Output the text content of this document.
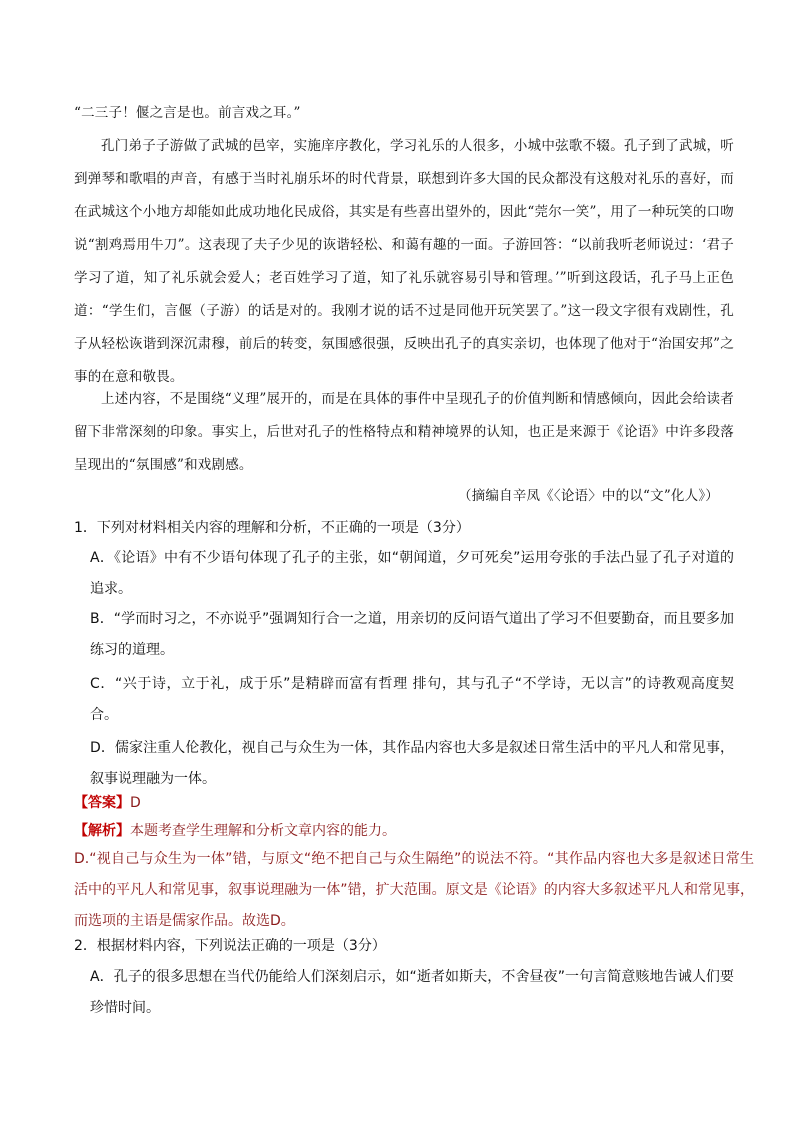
“二三子！偃之言是也。前言戏之耳。”
孔门弟子子游做了武城的邑宰，实施庠序教化，学习礼乐的人很多，小城中弦歌不辍。孔子到了武城，听到弹琴和歌唱的声音，有感于当时礼崩乐坏的时代背景，联想到许多大国的民众都没有这般对礼乐的喜好，而在武城这个小地方却能如此成功地化民成俗，其实是有些喜出望外的，因此“莞尔一笑”，用了一种玩笑的口吻说“割鸡焉用牛刀”。这表现了夫子少见的诙谐轻松、和蔼有趣的一面。子游回答：“以前我听老师说过：‘君子学习了道，知了礼乐就会爱人；老百姓学习了道，知了礼乐就容易引导和管理。’”听到这段话，孔子马上正色道：“学生们，言偃（子游）的话是对的。我刚才说的话不过是同他开玩笑罢了。”这一段文字很有戏剧性，孔子从轻松诙谐到深沉肃穆，前后的转变，氛围感很强，反映出孔子的真实亲切，也体现了他对于“治国安邦”之事的在意和敬畏。
上述内容，不是围绕“义理”展开的，而是在具体的事件中呈现孔子的价值判断和情感倾向，因此会给读者留下非常深刻的印象。事实上，后世对孔子的性格特点和精神境界的认知，也正是来源于《论语》中许多段落呈现出的“氛围感”和戏剧感。
（摘编自辛凤《〈论语〉中的以“文”化人》）
1．下列对材料相关内容的理解和分析，不正确的一项是（3分）
A．《论语》中有不少语句体现了孔子的主张，如“朝闻道，夕可死矣”运用夸张的手法凸显了孔子对道的追求。
B．“学而时习之，不亦说乎”强调知行合一之道，用亲切的反问语气道出了学习不但要勤奋，而且要多加练习的道理。
C．“兴于诗，立于礼，成于乐”是精辟而富有哲理 排句，其与孔子“不学诗，无以言”的诗教观高度契合。
D．儒家注重人伦教化，视自己与众生为一体，其作品内容也大多是叙述日常生活中的平凡人和常见事，叙事说理融为一体。
【答案】D
【解析】本题考查学生理解和分析文章内容的能力。
D.“视自己与众生为一体”错，与原文“绝不把自己与众生隔绝”的说法不符。“其作品内容也大多是叙述日常生活中的平凡人和常见事，叙事说理融为一体”错，扩大范围。原文是《论语》的内容大多叙述平凡人和常见事，而选项的主语是儒家作品。故选D。
2．根据材料内容，下列说法正确的一项是（3分）
A．孔子的很多思想在当代仍能给人们深刻启示，如“逝者如斯夫，不舍昼夜”一句言简意赅地告诫人们要珍惜时间。
